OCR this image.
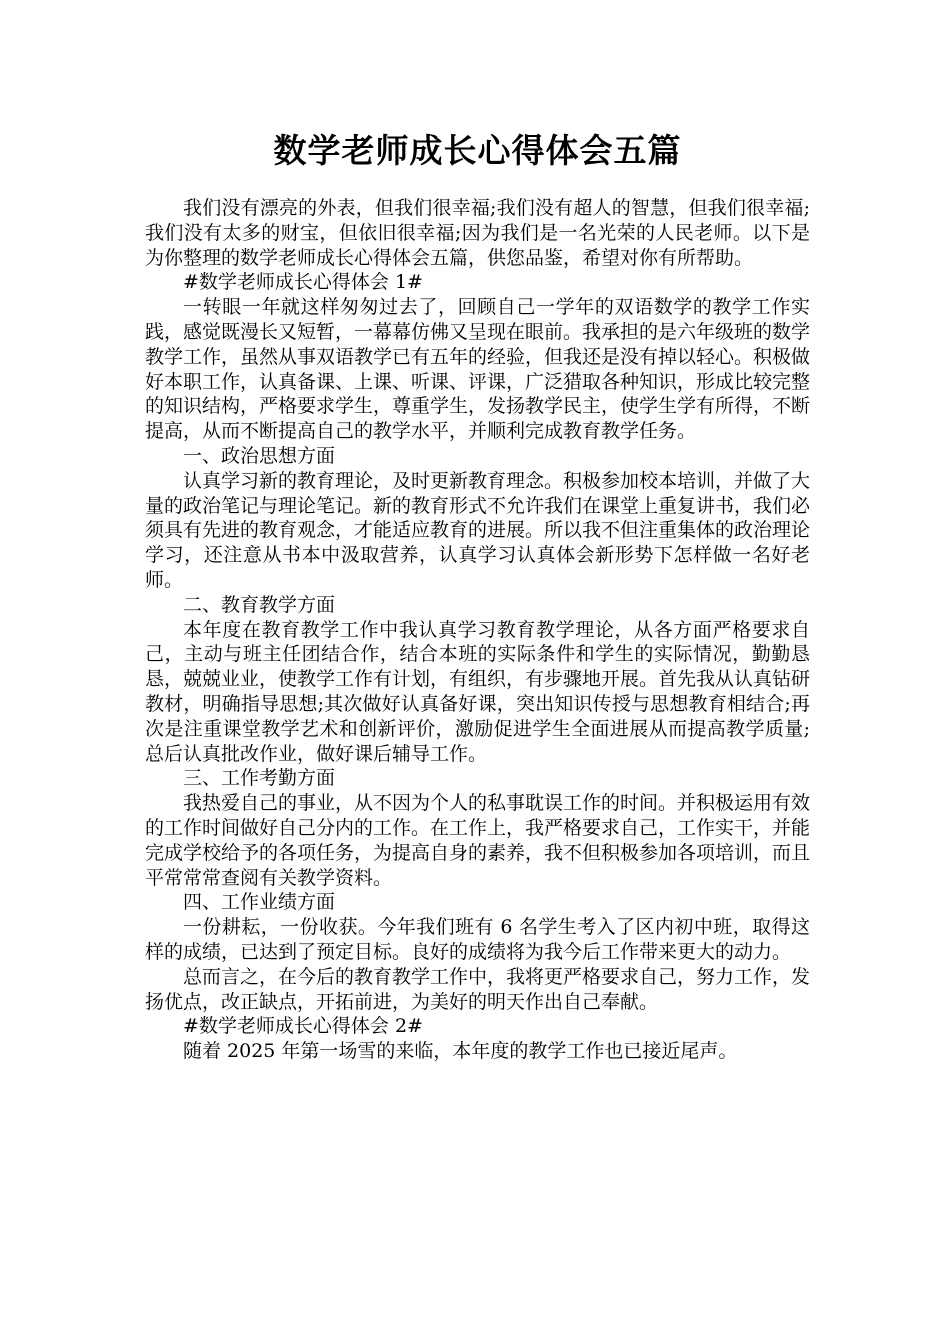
数学老师成长心得体会五篇

我们没有漂亮的外表，但我们很幸福;我们没有超人的智慧，但我们很幸福;我们没有太多的财宝，但依旧很幸福;因为我们是一名光荣的人民老师。以下是为你整理的数学老师成长心得体会五篇，供您品鉴，希望对你有所帮助。

#数学老师成长心得体会 1#

一转眼一年就这样匆匆过去了，回顾自己一学年的双语数学的教学工作实践，感觉既漫长又短暂，一幕幕仿佛又呈现在眼前。我承担的是六年级班的数学教学工作，虽然从事双语教学已有五年的经验，但我还是没有掉以轻心。积极做好本职工作，认真备课、上课、听课、评课，广泛猎取各种知识，形成比较完整的知识结构，严格要求学生，尊重学生，发扬教学民主，使学生学有所得，不断提高，从而不断提高自己的教学水平，并顺利完成教育教学任务。

一、政治思想方面

认真学习新的教育理论，及时更新教育理念。积极参加校本培训，并做了大量的政治笔记与理论笔记。新的教育形式不允许我们在课堂上重复讲书，我们必须具有先进的教育观念，才能适应教育的进展。所以我不但注重集体的政治理论学习，还注意从书本中汲取营养，认真学习认真体会新形势下怎样做一名好老师。

二、教育教学方面

本年度在教育教学工作中我认真学习教育教学理论，从各方面严格要求自己，主动与班主任团结合作，结合本班的实际条件和学生的实际情况，勤勤恳恳，兢兢业业，使教学工作有计划，有组织，有步骤地开展。首先我从认真钻研教材，明确指导思想;其次做好认真备好课，突出知识传授与思想教育相结合;再次是注重课堂教学艺术和创新评价，激励促进学生全面进展从而提高教学质量;总后认真批改作业，做好课后辅导工作。

三、工作考勤方面

我热爱自己的事业，从不因为个人的私事耽误工作的时间。并积极运用有效的工作时间做好自己分内的工作。在工作上，我严格要求自己，工作实干，并能完成学校给予的各项任务，为提高自身的素养，我不但积极参加各项培训，而且平常常常查阅有关教学资料。

四、工作业绩方面

一份耕耘，一份收获。今年我们班有 6 名学生考入了区内初中班，取得这样的成绩，已达到了预定目标。良好的成绩将为我今后工作带来更大的动力。

总而言之，在今后的教育教学工作中，我将更严格要求自己，努力工作，发扬优点，改正缺点，开拓前进，为美好的明天作出自己奉献。

#数学老师成长心得体会 2#

随着 2025 年第一场雪的来临，本年度的教学工作也已接近尾声。
